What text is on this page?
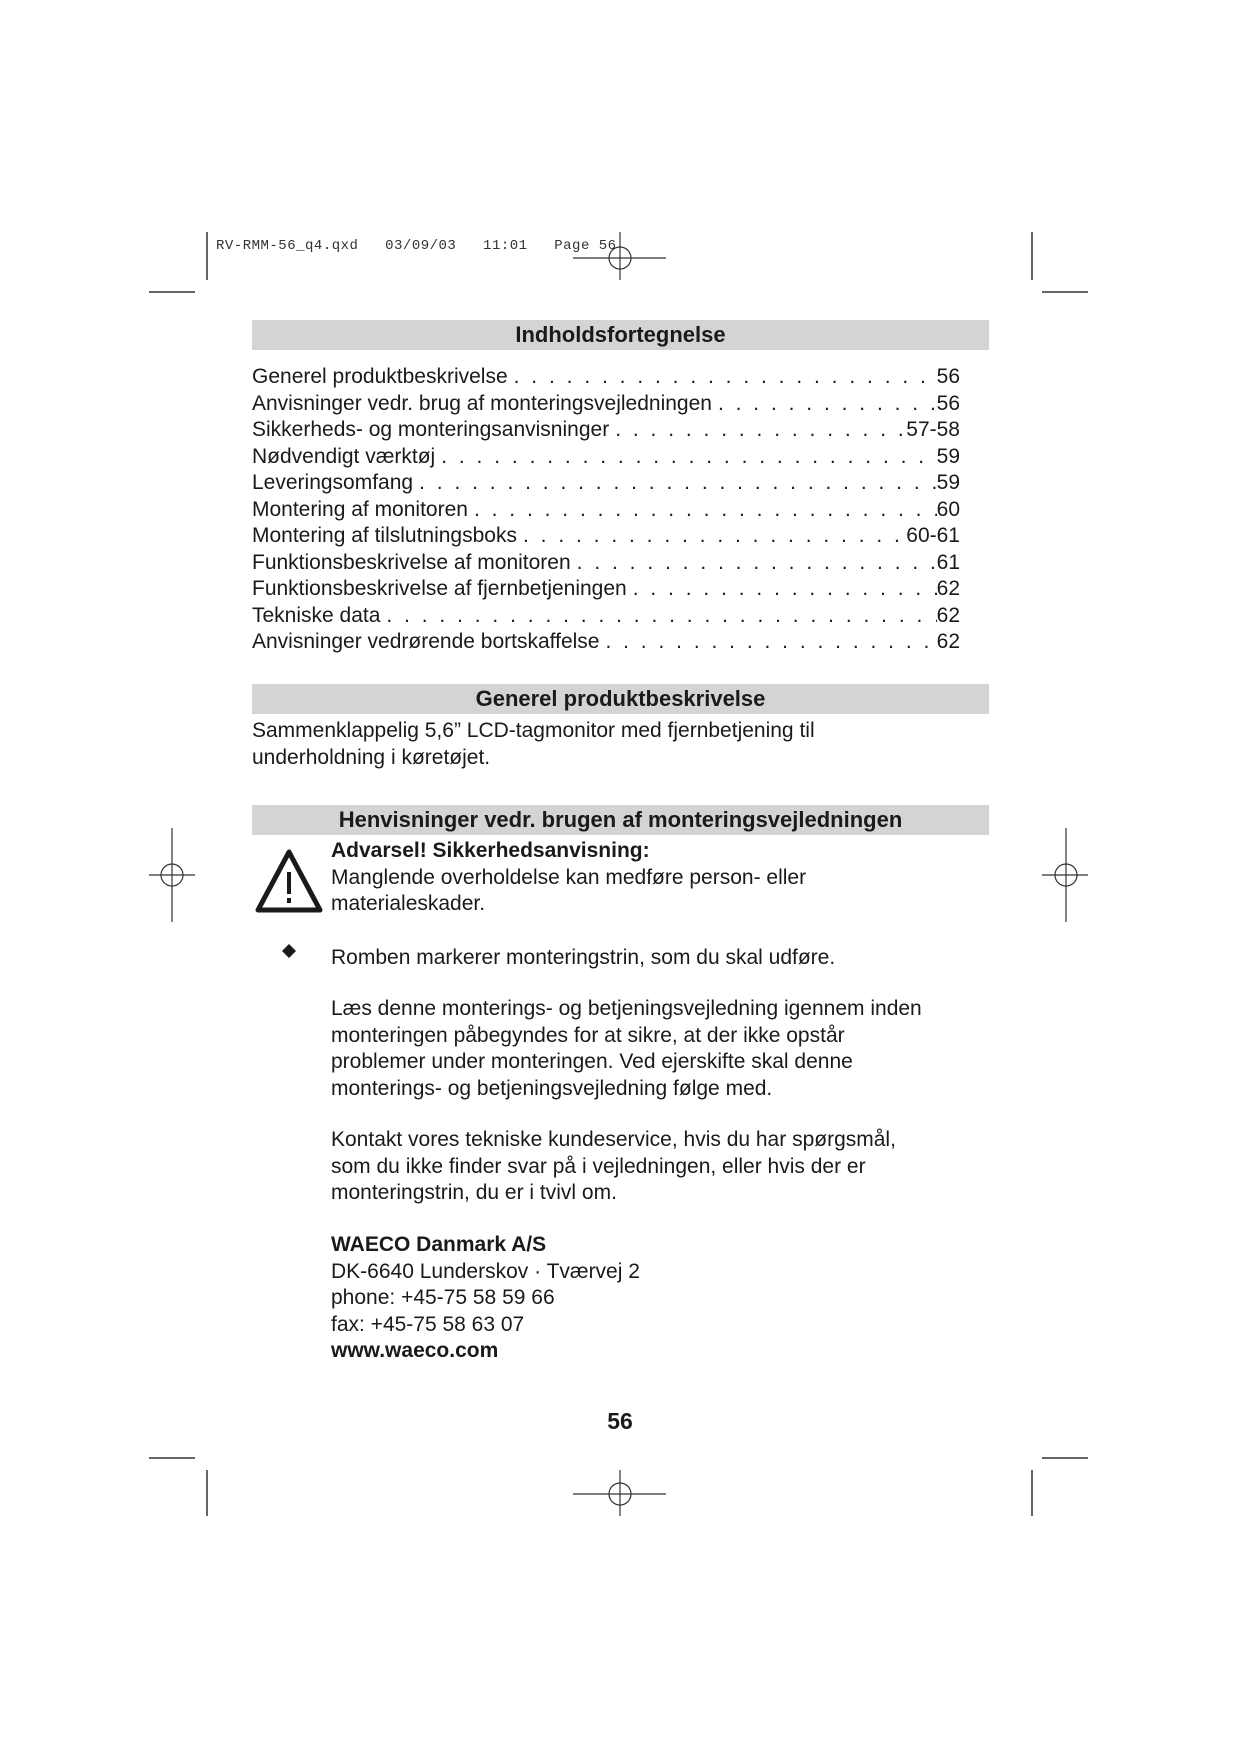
RV-RMM-56_q4.qxd   03/09/03   11:01   Page 56
Indholdsfortegnelse
Generel produktbeskrivelse . . .	56
Anvisninger vedr. brug af monteringsvejledningen . . .	56
Sikkerheds- og monteringsanvisninger . . .	57-58
Nødvendigt værktøj . . .	59
Leveringsomfang . . .	59
Montering af monitoren . . .	60
Montering af tilslutningsboks . . .	60-61
Funktionsbeskrivelse af monitoren . . .	61
Funktionsbeskrivelse af fjernbetjeningen . . .	62
Tekniske data . . .	62
Anvisninger vedrørende bortskaffelse . . .	62
Generel produktbeskrivelse
Sammenklappelig 5,6” LCD-tagmonitor med fjernbetjening til
underholdning i køretøjet.
Henvisninger vedr. brugen af monteringsvejledningen
Advarsel! Sikkerhedsanvisning:
Manglende overholdelse kan medføre person- eller
materialeskader.
Romben markerer monteringstrin, som du skal udføre.
Læs denne monterings- og betjeningsvejledning igennem inden
monteringen påbegyndes for at sikre, at der ikke opstår
problemer under monteringen. Ved ejerskifte skal denne
monterings- og betjeningsvejledning følge med.
Kontakt vores tekniske kundeservice, hvis du har spørgsmål,
som du ikke finder svar på i vejledningen, eller hvis der er
monteringstrin, du er i tvivl om.
WAECO Danmark A/S
DK-6640 Lunderskov · Tværvej 2
phone: +45-75 58 59 66
fax: +45-75 58 63 07
www.waeco.com
56
